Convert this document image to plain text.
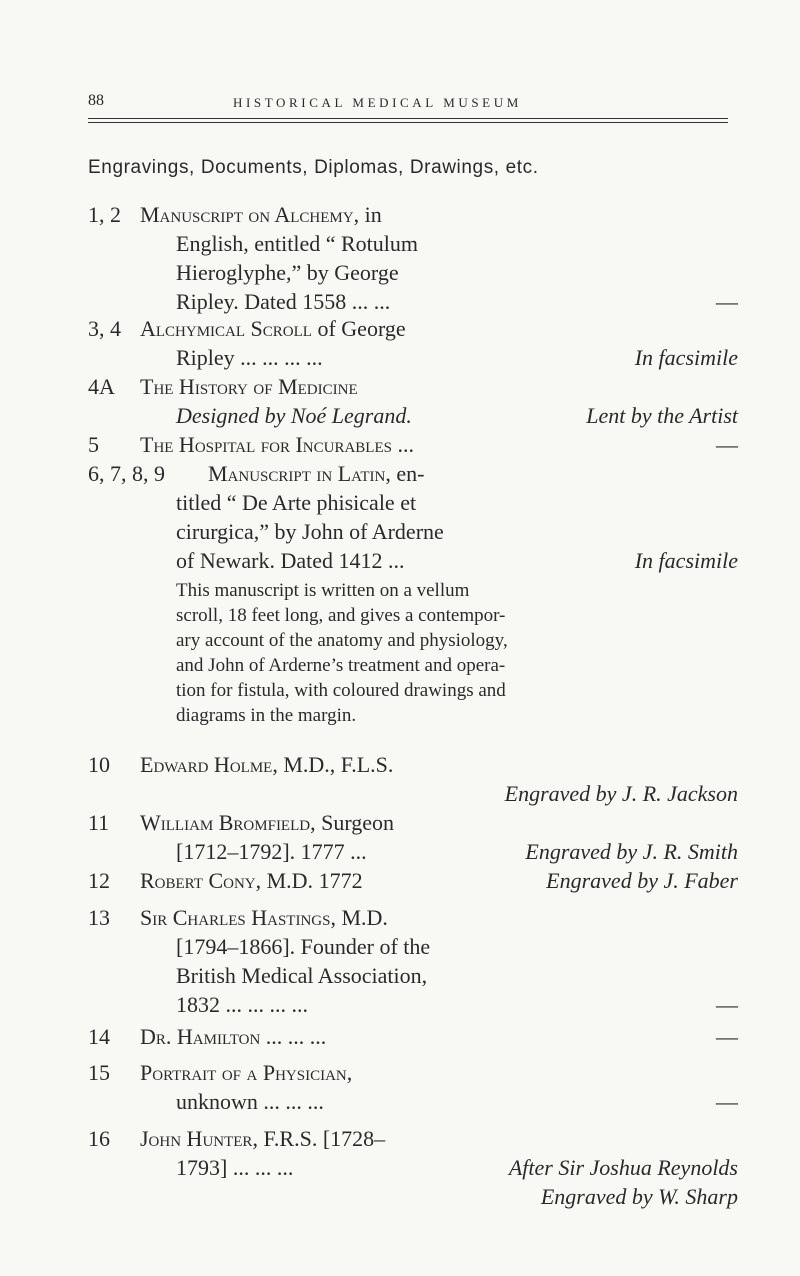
88	HISTORICAL MEDICAL MUSEUM
Engravings, Documents, Diplomas, Drawings, etc.
1, 2 Manuscript on Alchemy, in
English, entitled “ Rotulum
Hieroglyphe,” by George
Ripley. Dated 1558 ... ...	—
3, 4 Alchymical Scroll of George
Ripley ... ... ... ...	In facsimile
4A The History of Medicine
Designed by Noé Legrand.	Lent by the Artist
5 The Hospital for Incurables ...	—
6, 7, 8, 9 Manuscript in Latin, en-
titled “ De Arte phisicale et
cirurgica,” by John of Arderne
of Newark. Dated 1412 ...	In facsimile
This manuscript is written on a vellum
scroll, 18 feet long, and gives a contempor-
ary account of the anatomy and physiology,
and John of Arderne’s treatment and opera-
tion for fistula, with coloured drawings and
diagrams in the margin.
10 Edward Holme, M.D., F.L.S.
Engraved by J. R. Jackson
11 William Bromfield, Surgeon
[1712–1792]. 1777 ...	Engraved by J. R. Smith
12 Robert Cony, M.D. 1772	Engraved by J. Faber
13 Sir Charles Hastings, M.D.
[1794–1866]. Founder of the
British Medical Association,
1832 ... ... ... ...	—
14 Dr. Hamilton ... ... ...	—
15 Portrait of a Physician,
unknown ... ... ...	—
16 John Hunter, F.R.S. [1728–
1793] ... ... ...	After Sir Joshua Reynolds
Engraved by W. Sharp
